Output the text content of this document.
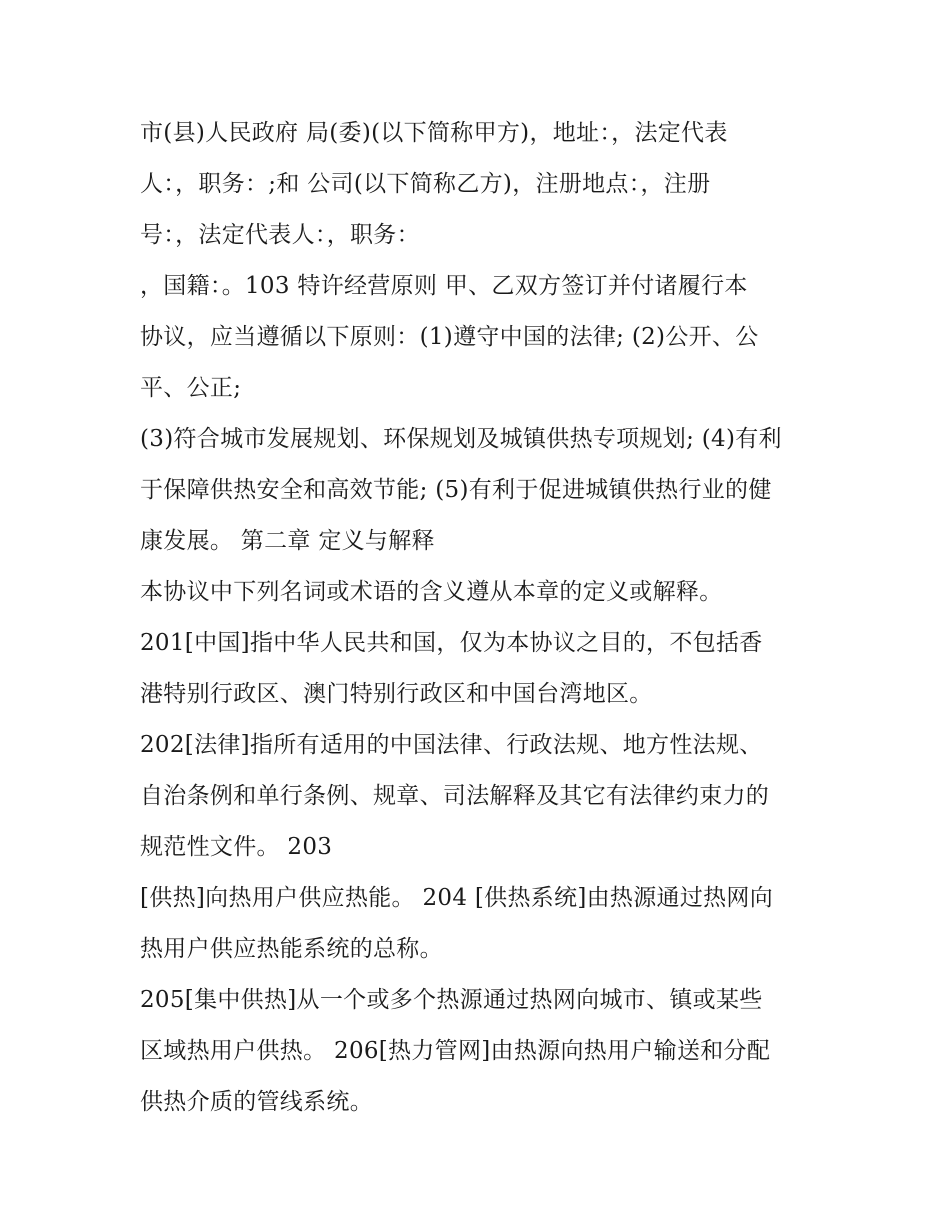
市(县)人民政府 局(委)(以下简称甲方)，地址：，法定代表
人：，职务：;和 公司(以下简称乙方)，注册地点：，注册
号：，法定代表人：，职务：
，国籍：。103 特许经营原则 甲、乙双方签订并付诸履行本
协议，应当遵循以下原则：(1)遵守中国的法律; (2)公开、公
平、公正;
(3)符合城市发展规划、环保规划及城镇供热专项规划; (4)有利
于保障供热安全和高效节能; (5)有利于促进城镇供热行业的健
康发展。 第二章 定义与解释
本协议中下列名词或术语的含义遵从本章的定义或解释。
201[中国]指中华人民共和国，仅为本协议之目的，不包括香
港特别行政区、澳门特别行政区和中国台湾地区。
202[法律]指所有适用的中国法律、行政法规、地方性法规、
自治条例和单行条例、规章、司法解释及其它有法律约束力的
规范性文件。 203
[供热]向热用户供应热能。 204 [供热系统]由热源通过热网向
热用户供应热能系统的总称。
205[集中供热]从一个或多个热源通过热网向城市、镇或某些
区域热用户供热。 206[热力管网]由热源向热用户输送和分配
供热介质的管线系统。
